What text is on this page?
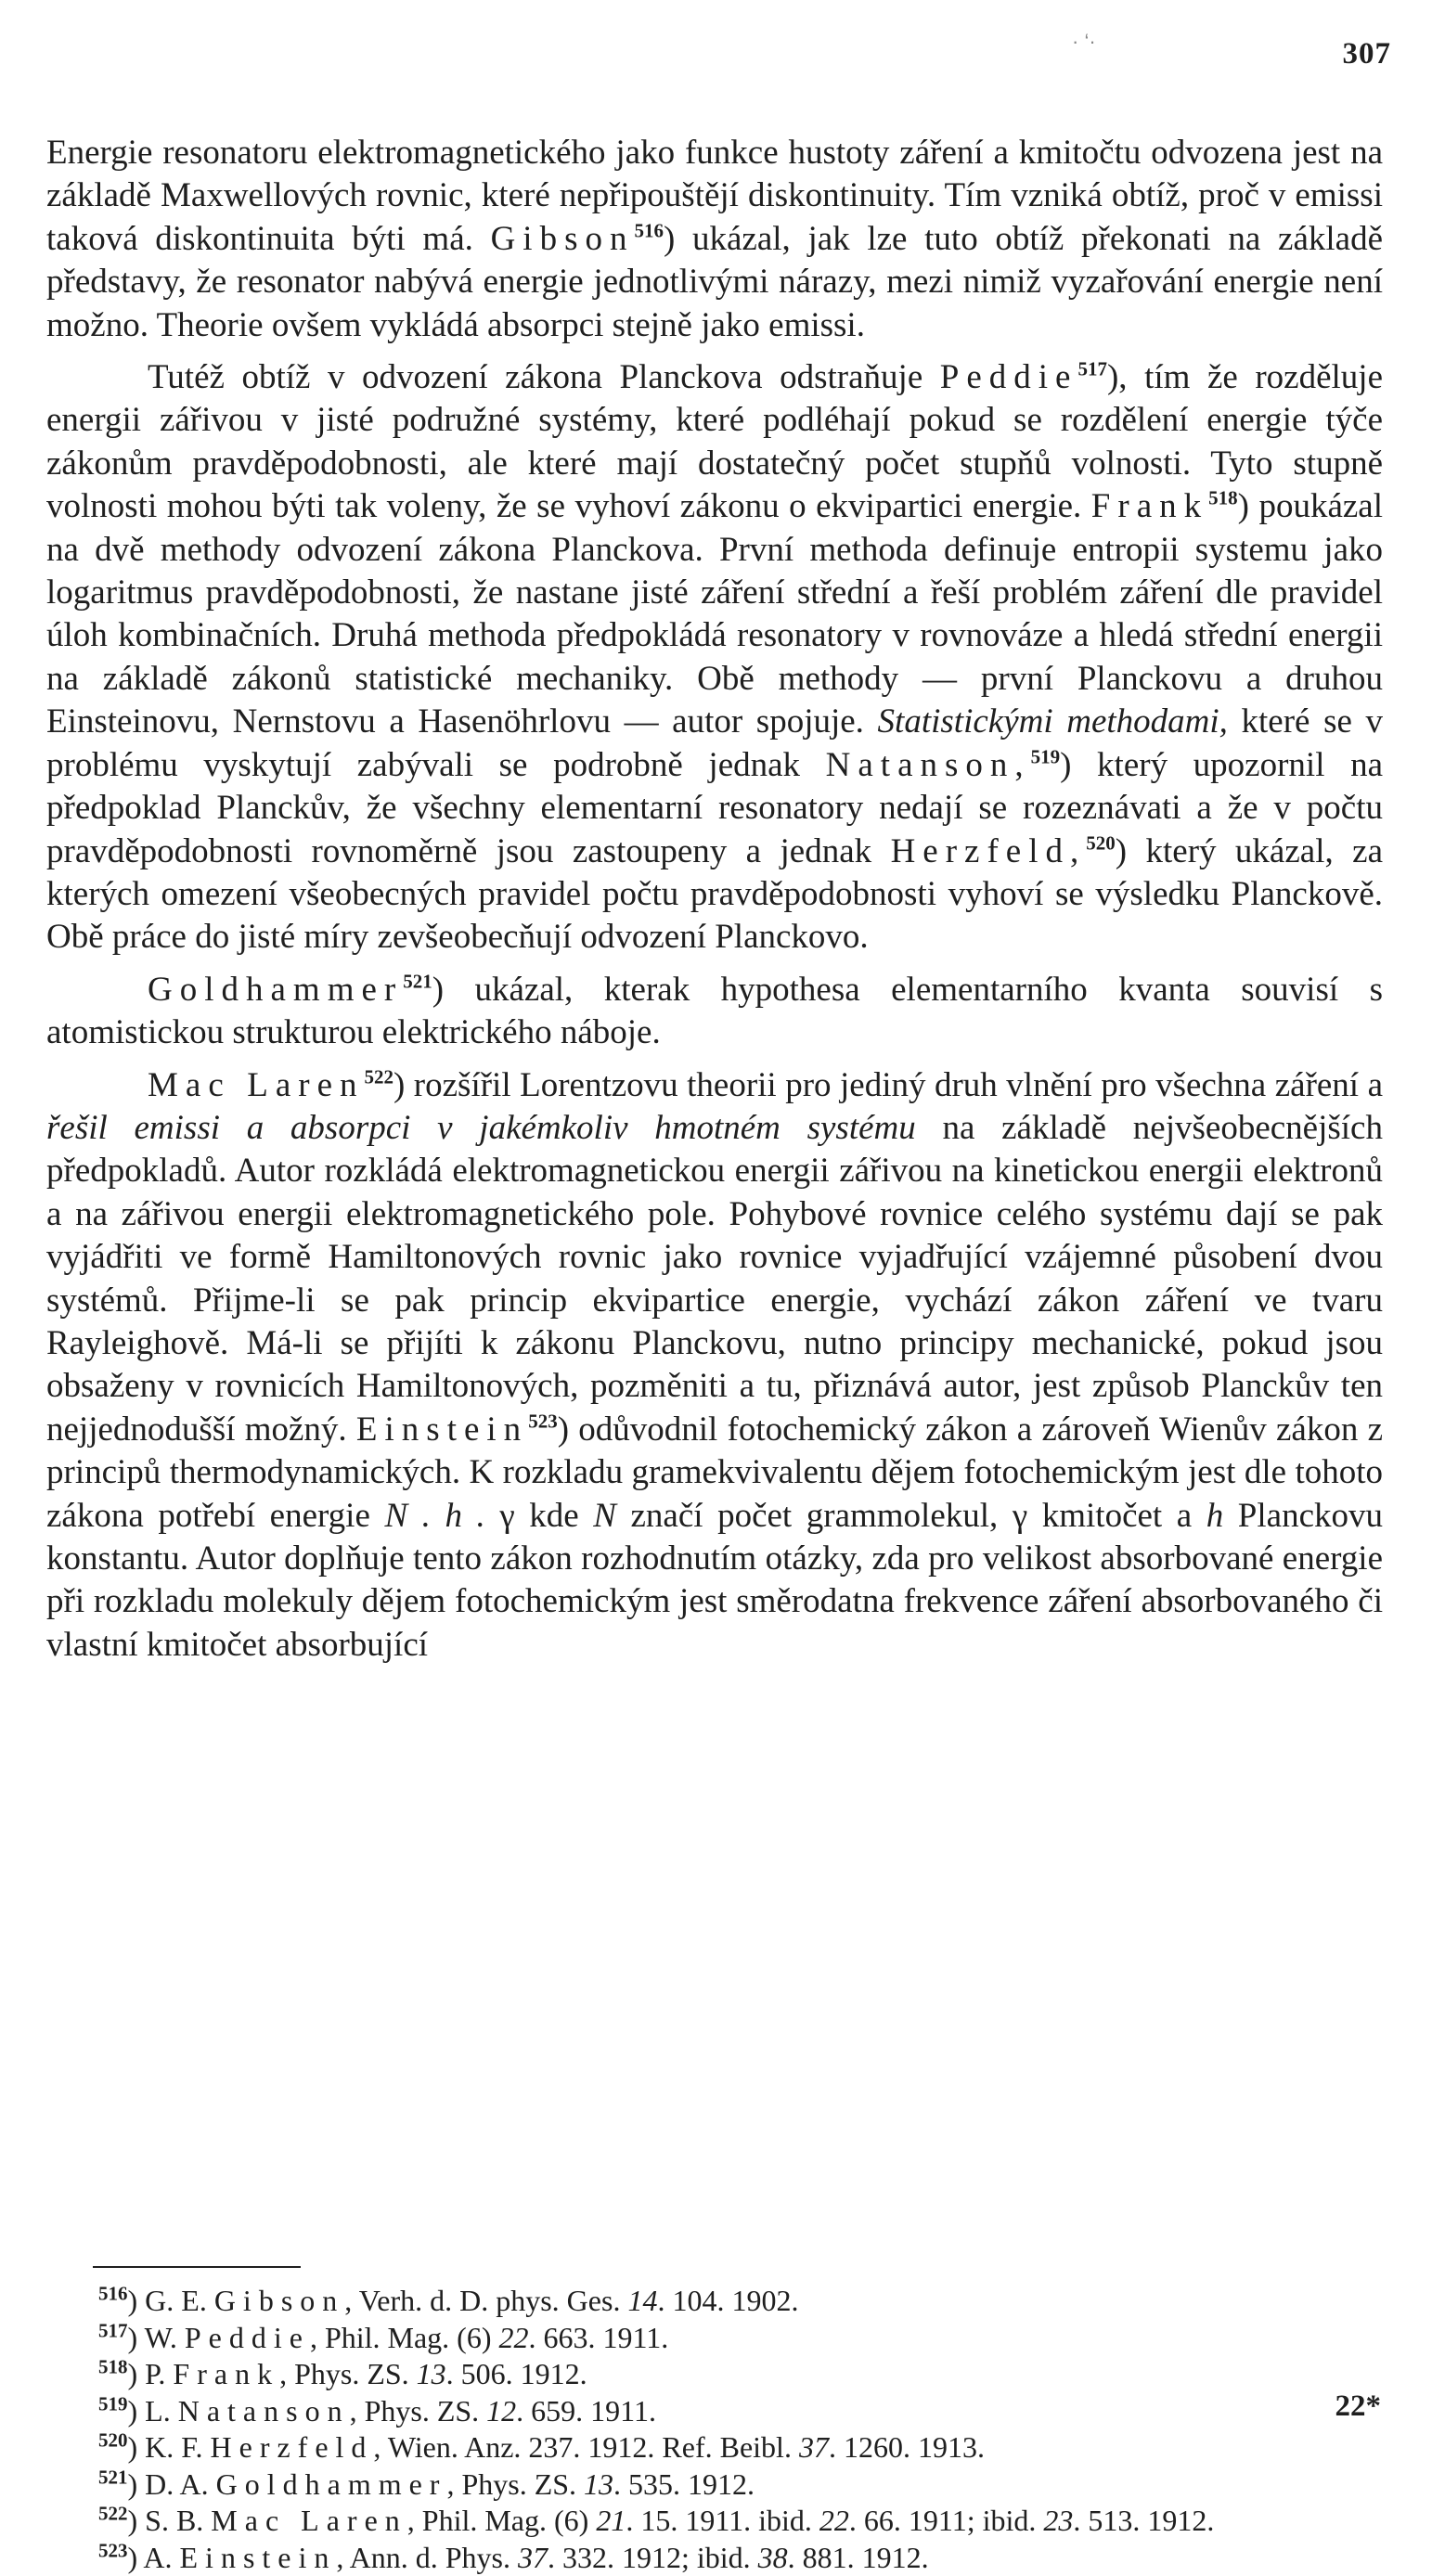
· ‘·	307

Energie resonatoru elektromagnetického jako funkce hustoty záření a kmitočtu odvozena jest na základě Maxwellových rovnic, které nepřipouštějí diskontinuity. Tím vzniká obtíž, proč v emissi taková diskontinuita býti má. Gibson$^{516}$) ukázal, jak lze tuto obtíž překonati na základě představy, že resonator nabývá energie jednotlivými nárazy, mezi nimiž vyzařování energie není možno. Theorie ovšem vykládá absorpci stejně jako emissi.

Tutéž obtíž v odvození zákona Planckova odstraňuje Peddie$^{517}$), tím že rozděluje energii zářivou v jisté podružné systémy, které podléhají pokud se rozdělení energie týče zákonům pravděpodobnosti, ale které mají dostatečný počet stupňů volnosti. Tyto stupně volnosti mohou býti tak voleny, že se vyhoví zákonu o ekvipartici energie. Frank$^{518}$) poukázal na dvě methody odvození zákona Planckova. První methoda definuje entropii systemu jako logaritmus pravděpodobnosti, že nastane jisté záření střední a řeší problém záření dle pravidel úloh kombinačních. Druhá methoda předpokládá resonatory v rovnováze a hledá střední energii na základě zákonů statistické mechaniky. Obě methody — první Planckovu a druhou Einsteinovu, Nernstovu a Hasenöhrlovu — autor spojuje. Statistickými methodami, které se v problému vyskytují zabývali se podrobně jednak Natanson,$^{519}$) který upozornil na předpoklad Planckův, že všechny elementarní resonatory nedají se rozeznávati a že v počtu pravděpodobnosti rovnoměrně jsou zastoupeny a jednak Herzfeld,$^{520}$) který ukázal, za kterých omezení všeobecných pravidel počtu pravděpodobnosti vyhoví se výsledku Planckově. Obě práce do jisté míry zevšeobecňují odvození Planckovo.

Goldhammer$^{521}$) ukázal, kterak hypothesa elementarního kvanta souvisí s atomistickou strukturou elektrického náboje.

Mac Laren$^{522}$) rozšířil Lorentzovu theorii pro jediný druh vlnění pro všechna záření a řešil emissi a absorpci v jakémkoliv hmotném systému na základě nejvšeobecnějších předpokladů. Autor rozkládá elektromagnetickou energii zářivou na kinetickou energii elektronů a na zářivou energii elektromagnetického pole. Pohybové rovnice celého systému dají se pak vyjádřiti ve formě Hamiltonových rovnic jako rovnice vyjadřující vzájemné působení dvou systémů. Přijme-li se pak princip ekvipartice energie, vychází zákon záření ve tvaru Rayleighově. Má-li se přijíti k zákonu Planckovu, nutno principy mechanické, pokud jsou obsaženy v rovnicích Hamiltonových, pozměniti a tu, přiznává autor, jest způsob Planckův ten nejjednodušší možný. Einstein$^{523}$) odůvodnil fotochemický zákon a zároveň Wienův zákon z principů thermodynamických. K rozkladu gramekvivalentu dějem fotochemickým jest dle tohoto zákona potřebí energie N . h . γ kde N značí počet grammolekul, γ kmitočet a h Planckovu konstantu. Autor doplňuje tento zákon rozhodnutím otázky, zda pro velikost absorbované energie při rozkladu molekuly dějem fotochemickým jest směrodatna frekvence záření absorbovaného či vlastní kmitočet absorbující

$^{516}$) G. E. Gibson, Verh. d. D. phys. Ges. 14. 104. 1902.
$^{517}$) W. Peddie, Phil. Mag. (6) 22. 663. 1911.
$^{518}$) P. Frank, Phys. ZS. 13. 506. 1912.
$^{519}$) L. Natanson, Phys. ZS. 12. 659. 1911.
$^{520}$) K. F. Herzfeld, Wien. Anz. 237. 1912. Ref. Beibl. 37. 1260. 1913.
$^{521}$) D. A. Goldhammer, Phys. ZS. 13. 535. 1912.
$^{522}$) S. B. Mac Laren, Phil. Mag. (6) 21. 15. 1911. ibid. 22. 66. 1911; ibid. 23. 513. 1912.
$^{523}$) A. Einstein, Ann. d. Phys. 37. 332. 1912; ibid. 38. 881. 1912.
22*
